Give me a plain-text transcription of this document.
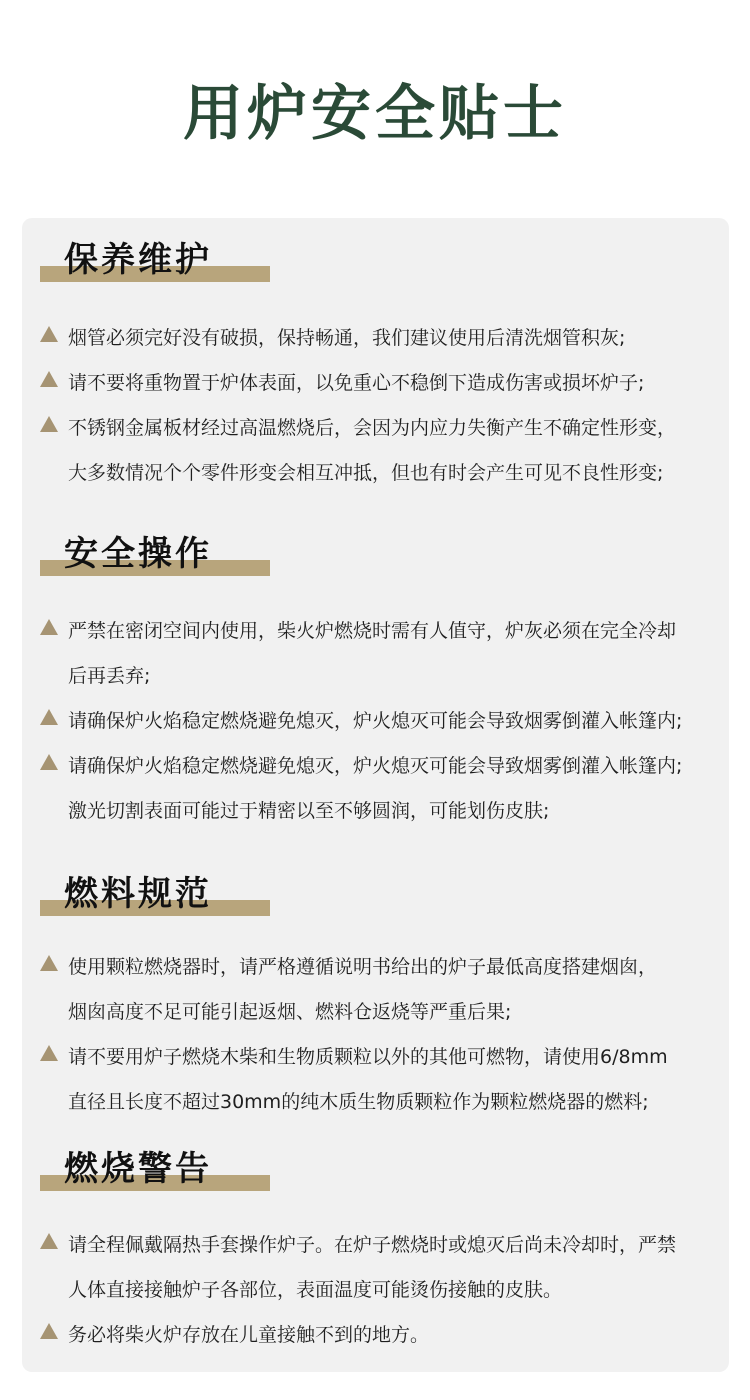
用炉安全贴士
保养维护
烟管必须完好没有破损，保持畅通，我们建议使用后清洗烟管积灰;
请不要将重物置于炉体表面，以免重心不稳倒下造成伤害或损坏炉子;
不锈钢金属板材经过高温燃烧后，会因为内应力失衡产生不确定性形变，
大多数情况个个零件形变会相互冲抵，但也有时会产生可见不良性形变;
安全操作
严禁在密闭空间内使用，柴火炉燃烧时需有人值守，炉灰必须在完全冷却
后再丢弃;
请确保炉火焰稳定燃烧避免熄灭，炉火熄灭可能会导致烟雾倒灌入帐篷内;
请确保炉火焰稳定燃烧避免熄灭，炉火熄灭可能会导致烟雾倒灌入帐篷内;
激光切割表面可能过于精密以至不够圆润，可能划伤皮肤;
燃料规范
使用颗粒燃烧器时，请严格遵循说明书给出的炉子最低高度搭建烟囱，
烟囱高度不足可能引起返烟、燃料仓返烧等严重后果;
请不要用炉子燃烧木柴和生物质颗粒以外的其他可燃物，请使用6/8mm
直径且长度不超过30mm的纯木质生物质颗粒作为颗粒燃烧器的燃料;
燃烧警告
请全程佩戴隔热手套操作炉子。在炉子燃烧时或熄灭后尚未冷却时，严禁
人体直接接触炉子各部位，表面温度可能烫伤接触的皮肤。
务必将柴火炉存放在儿童接触不到的地方。
